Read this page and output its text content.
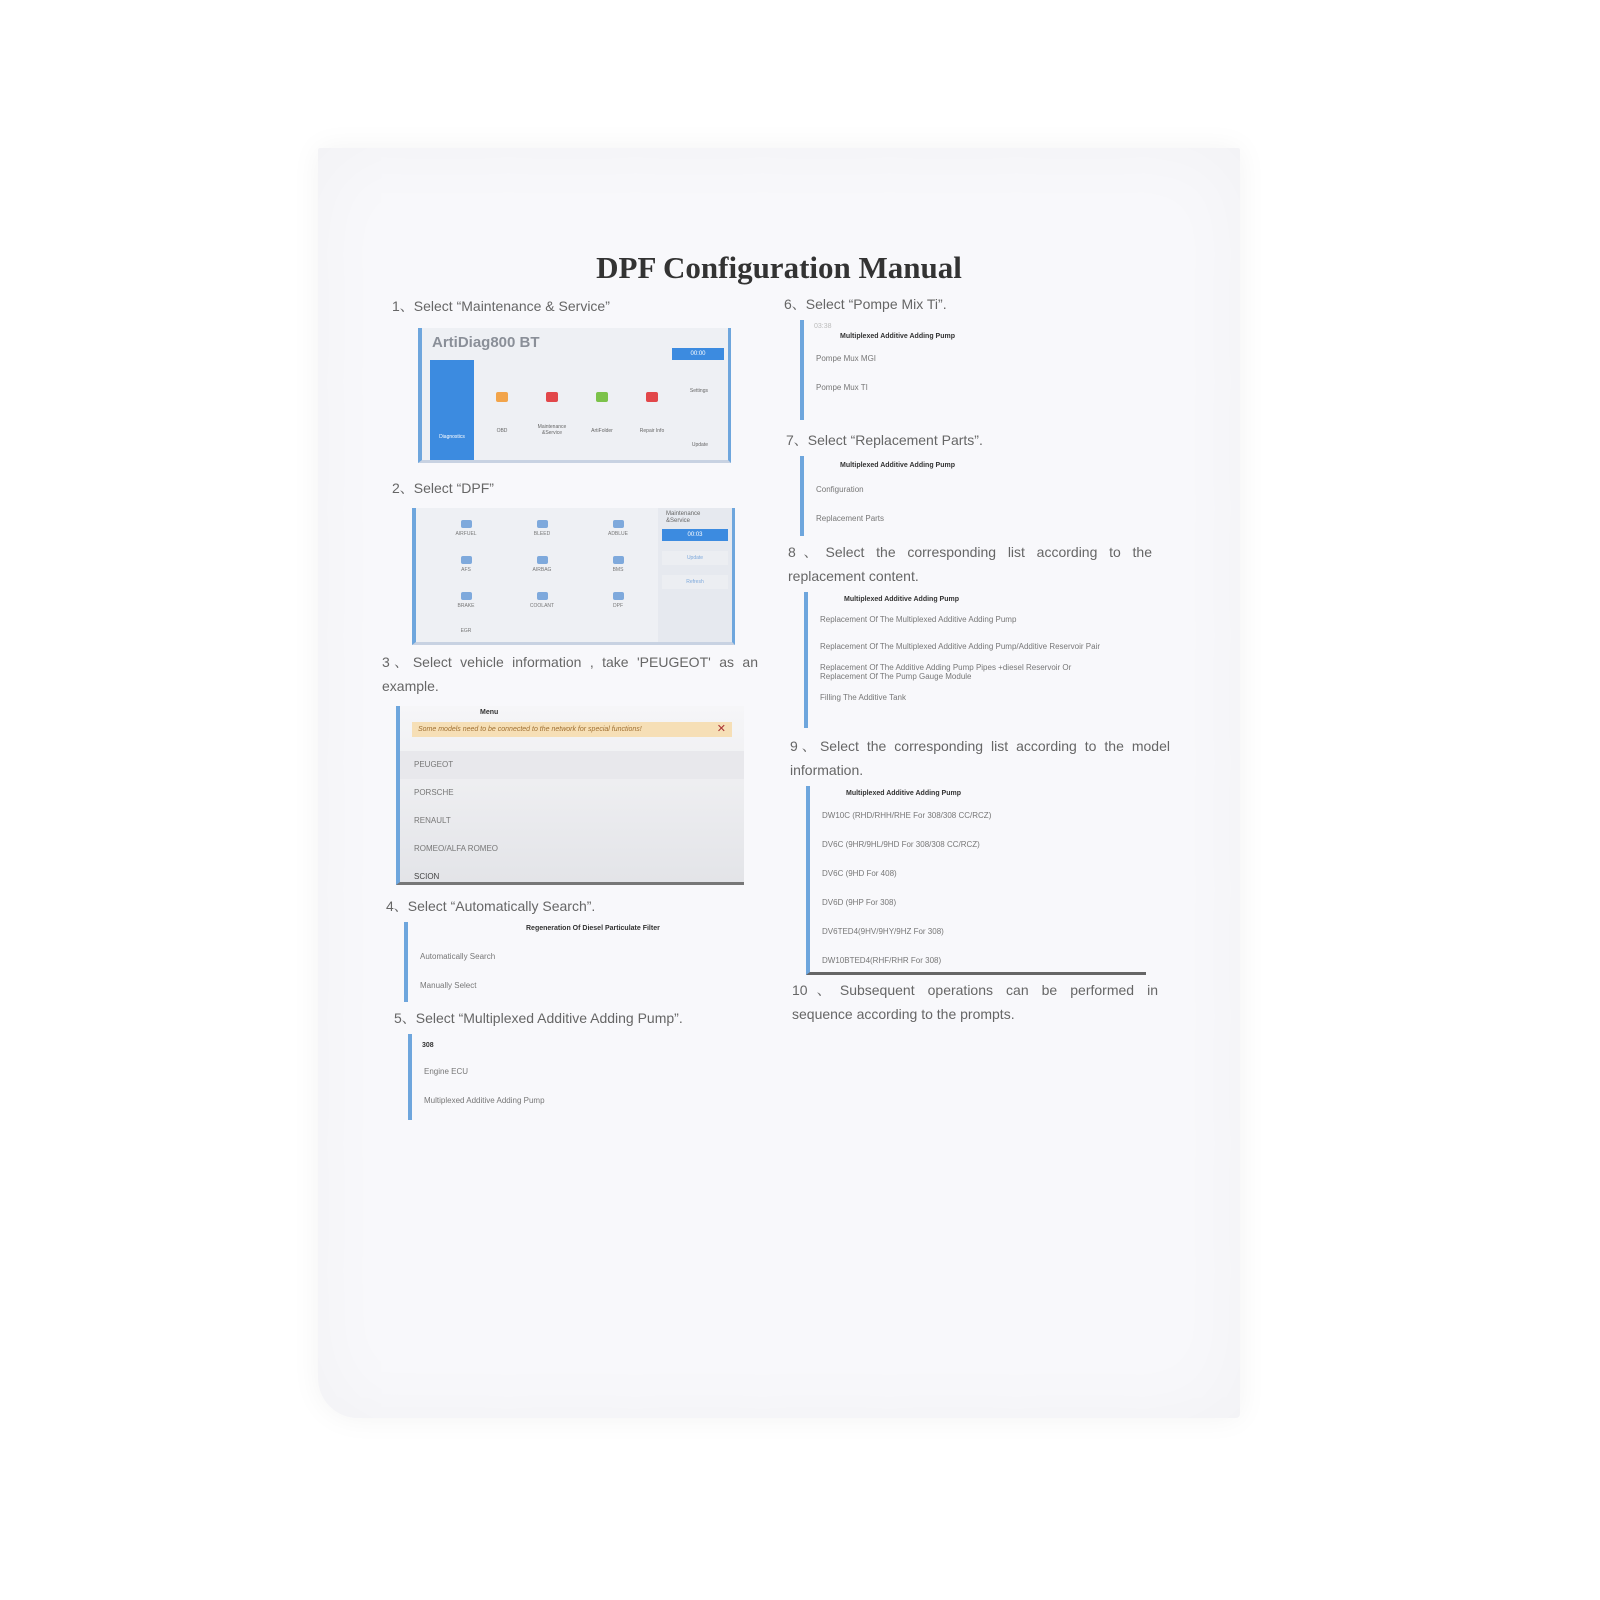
DPF Configuration Manual

1、Select “Maintenance & Service”

ArtiDiag800 BT
00:00
Diagnostics
OBD
Maintenance &Service	ArtiFolder	Repair Info
Settings
Update

2、Select “DPF”

AIRFUEL	BLEED	ADBLUE
AFS	AIRBAG	BMS
BRAKE	COOLANT	DPF
EGR
Maintenance &Service
00:03
Update
Refresh

3、Select vehicle information , take 'PEUGEOT' as an example.

Menu
Some models need to be connected to the network for special functions!	✕
PEUGEOT
PORSCHE
RENAULT
ROMEO/ALFA ROMEO
SCION

4、Select “Automatically Search”.

Regeneration Of Diesel Particulate Filter
Automatically Search
Manually Select

5、Select “Multiplexed Additive Adding Pump”.

308
Engine ECU
Multiplexed Additive Adding Pump

6、Select “Pompe Mix Ti”.

03:38
Multiplexed Additive Adding Pump
Pompe Mux MGI
Pompe Mux TI

7、Select “Replacement Parts”.

Multiplexed Additive Adding Pump
Configuration
Replacement Parts

8、Select the corresponding list according to the replacement content.

Multiplexed Additive Adding Pump
Replacement Of The Multiplexed Additive Adding Pump
Replacement Of The Multiplexed Additive Adding Pump/Additive Reservoir Pair
Replacement Of The Additive Adding Pump Pipes +diesel Reservoir Or Replacement Of The Pump Gauge Module
Filling The Additive Tank

9、Select the corresponding list according to the model information.

Multiplexed Additive Adding Pump
DW10C (RHD/RHH/RHE For 308/308 CC/RCZ)
DV6C (9HR/9HL/9HD For 308/308 CC/RCZ)
DV6C (9HD For 408)
DV6D (9HP For 308)
DV6TED4(9HV/9HY/9HZ For 308)
DW10BTED4(RHF/RHR For 308)

10、Subsequent operations can be performed in sequence according to the prompts.
